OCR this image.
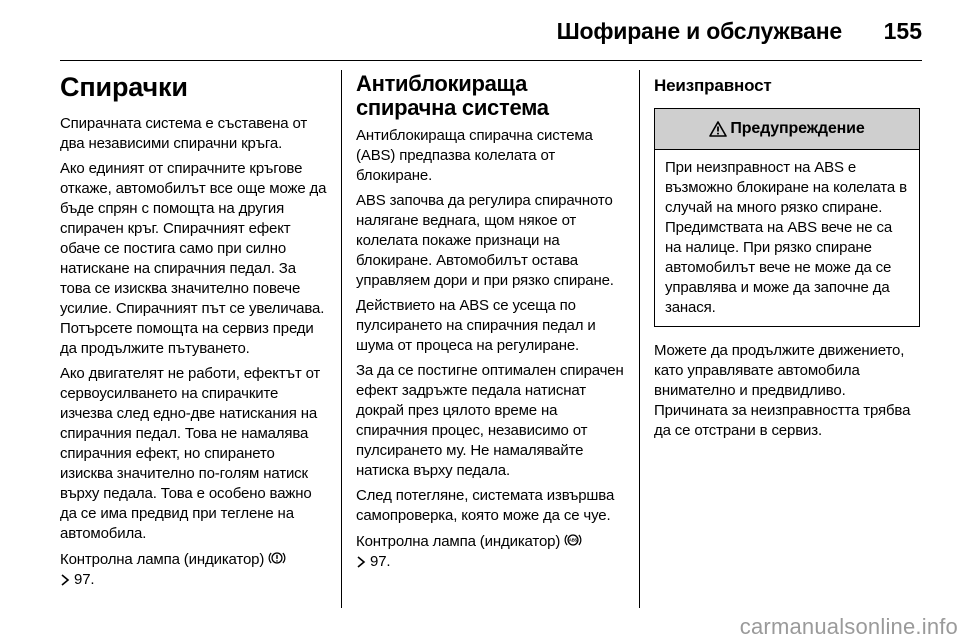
Шофиране и обслужване 155
Спирачки

Спирачната система е съставена от два независими спирачни кръга.

Ако единият от спирачните кръгове откаже, автомобилът все още може да бъде спрян с помощта на другия спирачен кръг. Спирачният ефект обаче се постига само при силно натискане на спирачния педал. За това се изисква значително повече усилие. Спирачният път се увеличава. Потърсете помощта на сервиз преди да продължите пътуването.

Ако двигателят не работи, ефектът от сервоусилването на спирачките изчезва след едно-две натискания на спирачния педал. Това не намалява спирачния ефект, но спирането изисква значително по-голям натиск върху педала. Това е особено важно да се има предвид при теглене на автомобила.

Контролна лампа (индикатор)

97.

Антиблокираща спирачна система

Антиблокираща спирачна система (ABS) предпазва колелата от блокиране.

ABS започва да регулира спирачното налягане веднага, щом някое от колелата покаже признаци на блокиране. Автомобилът остава управляем дори и при рязко спиране.

Действието на ABS се усеща по пулсирането на спирачния педал и шума от процеса на регулиране.

За да се постигне оптимален спирачен ефект задръжте педала натиснат докрай през цялото време на спирачния процес, независимо от пулсирането му. Не намалявайте натиска върху педала.

След потегляне, системата извършва самопроверка, която може да се чуе.

Контролна лампа (индикатор) ABS

97.

Неизправност
Предупреждение
При неизправност на ABS е възможно блокиране на колелата в случай на много рязко спиране. Предимствата на ABS вече не са на налице. При рязко спиране автомобилът вече не може да се управлява и може да започне да занася.

Можете да продължите движението, като управлявате автомобила внимателно и предвидливо. Причината за неизправността трябва да се отстрани в сервиз.

carmanualsonline.info
